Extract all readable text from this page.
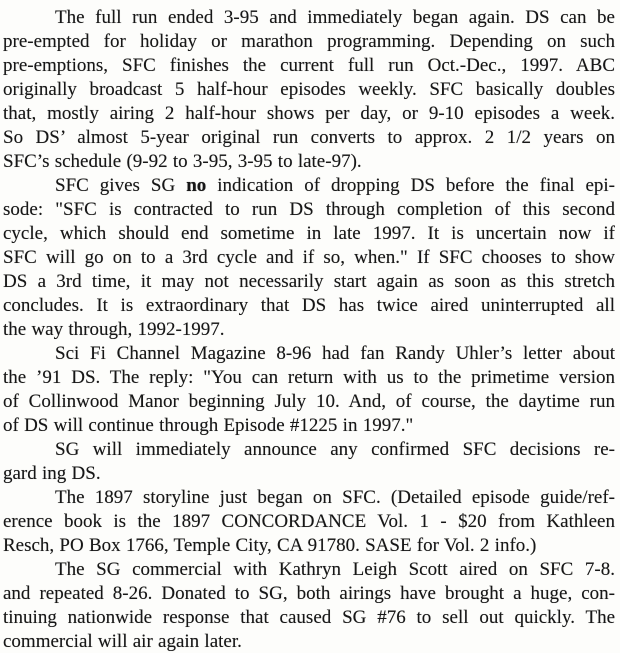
The full run ended 3-95 and immediately began again. DS can be
pre-empted for holiday or marathon programming. Depending on such
pre-emptions, SFC finishes the current full run Oct.-Dec., 1997. ABC
originally broadcast 5 half-hour episodes weekly. SFC basically doubles
that, mostly airing 2 half-hour shows per day, or 9-10 episodes a week.
So DS’ almost 5-year original run converts to approx. 2 1/2 years on
SFC’s schedule (9-92 to 3-95, 3-95 to late-97).
SFC gives SG no indication of dropping DS before the final epi-
sode: "SFC is contracted to run DS through completion of this second
cycle, which should end sometime in late 1997. It is uncertain now if
SFC will go on to a 3rd cycle and if so, when." If SFC chooses to show
DS a 3rd time, it may not necessarily start again as soon as this stretch
concludes. It is extraordinary that DS has twice aired uninterrupted all
the way through, 1992-1997.
Sci Fi Channel Magazine 8-96 had fan Randy Uhler’s letter about
the ’91 DS. The reply: "You can return with us to the primetime version
of Collinwood Manor beginning July 10. And, of course, the daytime run
of DS will continue through Episode #1225 in 1997."
SG will immediately announce any confirmed SFC decisions re-
gard ing DS.
The 1897 storyline just began on SFC. (Detailed episode guide/ref-
erence book is the 1897 CONCORDANCE Vol. 1 - $20 from Kathleen
Resch, PO Box 1766, Temple City, CA 91780. SASE for Vol. 2 info.)
The SG commercial with Kathryn Leigh Scott aired on SFC 7-8.
and repeated 8-26. Donated to SG, both airings have brought a huge, con-
tinuing nationwide response that caused SG #76 to sell out quickly. The
commercial will air again later.
